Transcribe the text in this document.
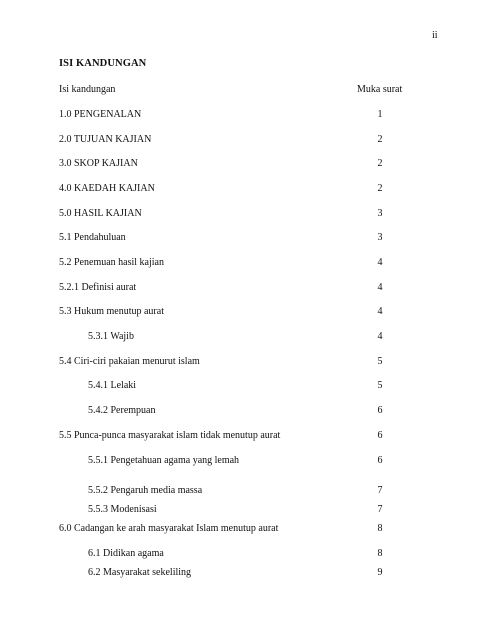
ii
ISI KANDUNGAN
Isi kandungan	Muka surat
1.0 PENGENALAN	1
2.0 TUJUAN KAJIAN	2
3.0 SKOP KAJIAN	2
4.0 KAEDAH KAJIAN	2
5.0 HASIL KAJIAN	3
5.1 Pendahuluan	3
5.2 Penemuan hasil kajian	4
5.2.1 Definisi aurat	4
5.3 Hukum menutup aurat	4
5.3.1 Wajib	4
5.4 Ciri-ciri pakaian menurut islam	5
5.4.1 Lelaki	5
5.4.2 Perempuan	6
5.5 Punca-punca masyarakat islam tidak menutup aurat	6
5.5.1 Pengetahuan agama yang lemah	6
5.5.2 Pengaruh media massa	7
5.5.3 Modenisasi	7
6.0 Cadangan ke arah masyarakat Islam menutup aurat	8
6.1 Didikan agama	8
6.2 Masyarakat sekeliling	9
